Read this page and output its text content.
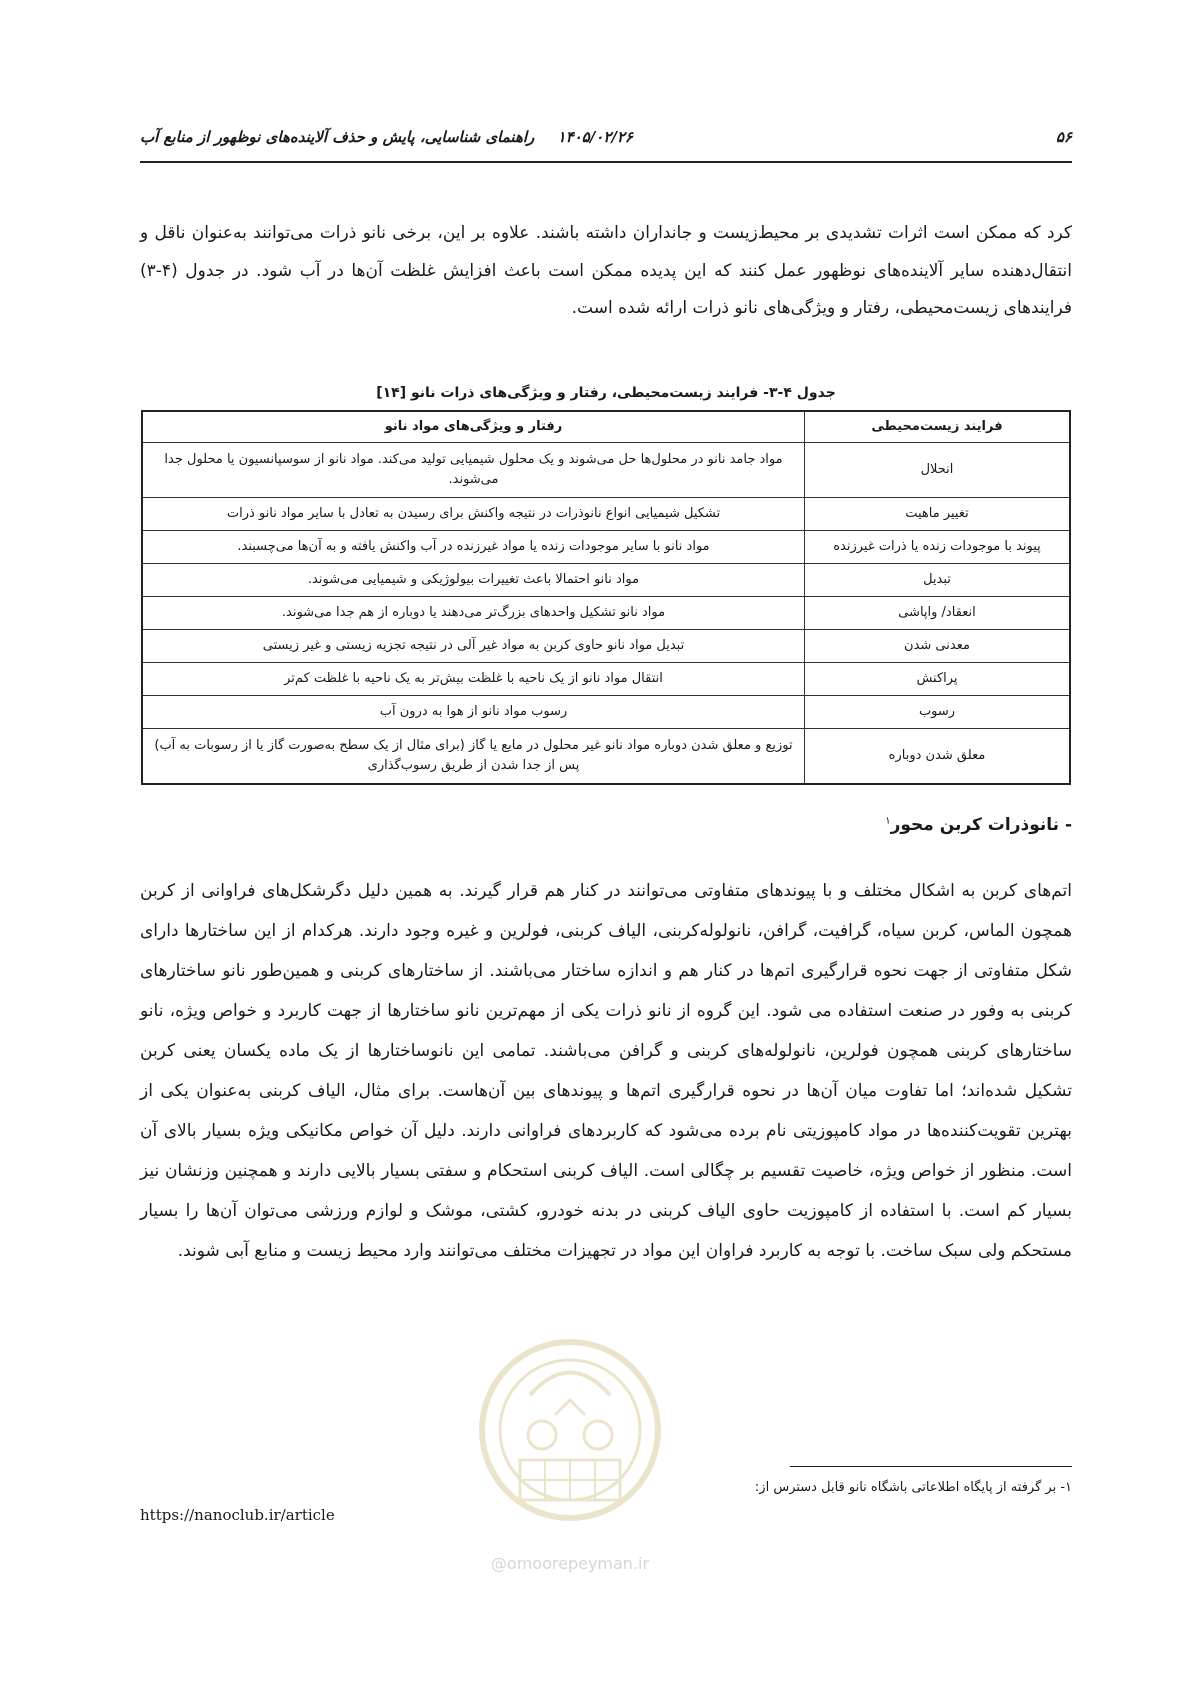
۵۶
۱۴۰۵/۰۲/۲۶ راهنمای شناسایی، پایش و حذف آلاینده‌های نوظهور از منابع آب

کرد که ممکن است اثرات تشدیدی بر محیط‌زیست و جانداران داشته باشند. علاوه بر این، برخی نانو ذرات می‌توانند به‌عنوان ناقل و انتقال‌دهنده سایر آلاینده‌های نوظهور عمل کنند که این پدیده ممکن است باعث افزایش غلظت آن‌ها در آب شود. در جدول (۴-۳) فرایندهای زیست‌محیطی، رفتار و ویژگی‌های نانو ذرات ارائه شده است.

جدول ۴-۳- فرایند زیست‌محیطی، رفتار و ویژگی‌های ذرات نانو [۱۴]
فرایند زیست‌محیطی	رفتار و ویژگی‌های مواد نانو
انحلال	مواد جامد نانو در محلول‌ها حل می‌شوند و یک محلول شیمیایی تولید می‌کند. مواد نانو از سوسپانسیون یا محلول جدا می‌شوند.
تغییر ماهیت	تشکیل شیمیایی انواع نانوذرات در نتیجه واکنش برای رسیدن به تعادل با سایر مواد نانو ذرات
پیوند با موجودات زنده یا ذرات غیرزنده	مواد نانو با سایر موجودات زنده یا مواد غیرزنده در آب واکنش یافته و به آن‌ها می‌چسبند.
تبدیل	مواد نانو احتمالا باعث تغییرات بیولوژیکی و شیمیایی می‌شوند.
انعقاد/ واپاشی	مواد نانو تشکیل واحدهای بزرگ‌تر می‌دهند یا دوباره از هم جدا می‌شوند.
معدنی شدن	تبدیل مواد نانو حاوی کربن به مواد غیر آلی در نتیجه تجزیه زیستی و غیر زیستی
پراکنش	انتقال مواد نانو از یک ناحیه با غلظت بیش‌تر به یک ناحیه با غلظت کم‌تر
رسوب	رسوب مواد نانو از هوا به درون آب
معلق شدن دوباره	توزیع و معلق شدن دوباره مواد نانو غیر محلول در مایع یا گاز (برای مثال از یک سطح به‌صورت گاز یا از رسوبات به آب) پس از جدا شدن از طریق رسوب‌گذاری
- نانوذرات کربن محور$^۱$

اتم‌های کربن به اشکال مختلف و با پیوندهای متفاوتی می‌توانند در کنار هم قرار گیرند. به همین دلیل دگرشکل‌های فراوانی از کربن همچون الماس، کربن سیاه، گرافیت، گرافن، نانولوله‌کربنی، الیاف کربنی، فولرین و غیره وجود دارند. هرکدام از این ساختارها دارای شکل متفاوتی از جهت نحوه قرارگیری اتم‌ها در کنار هم و اندازه ساختار می‌باشند. از ساختارهای کربنی و همین‌طور نانو ساختارهای کربنی به وفور در صنعت استفاده می شود. این گروه از نانو ذرات یکی از مهم‌ترین نانو ساختارها از جهت کاربرد و خواص ویژه، نانو ساختارهای کربنی همچون فولرین، نانولوله‌های کربنی و گرافن می‌باشند. تمامی این نانوساختارها از یک ماده یکسان یعنی کربن تشکیل شده‌اند؛ اما تفاوت میان آن‌ها در نحوه قرارگیری اتم‌ها و پیوندهای بین آن‌هاست. برای مثال، الیاف کربنی به‌عنوان یکی از بهترین تقویت‌کننده‌ها در مواد کامپوزیتی نام برده می‌شود که کاربردهای فراوانی دارند. دلیل آن خواص مکانیکی ویژه بسیار بالای آن است. منظور از خواص ویژه، خاصیت تقسیم بر چگالی است. الیاف کربنی استحکام و سفتی بسیار بالایی دارند و همچنین وزنشان نیز بسیار کم است. با استفاده از کامپوزیت حاوی الیاف کربنی در بدنه خودرو، کشتی، موشک و لوازم ورزشی می‌توان آن‌ها را بسیار مستحکم ولی سبک ساخت. با توجه به کاربرد فراوان این مواد در تجهیزات مختلف می‌توانند وارد محیط زیست و منابع آبی شوند.

@omoorepeyman.ir
۱- بر گرفته از پایگاه اطلاعاتی باشگاه نانو قابل دسترس از:
https://nanoclub.ir/article
